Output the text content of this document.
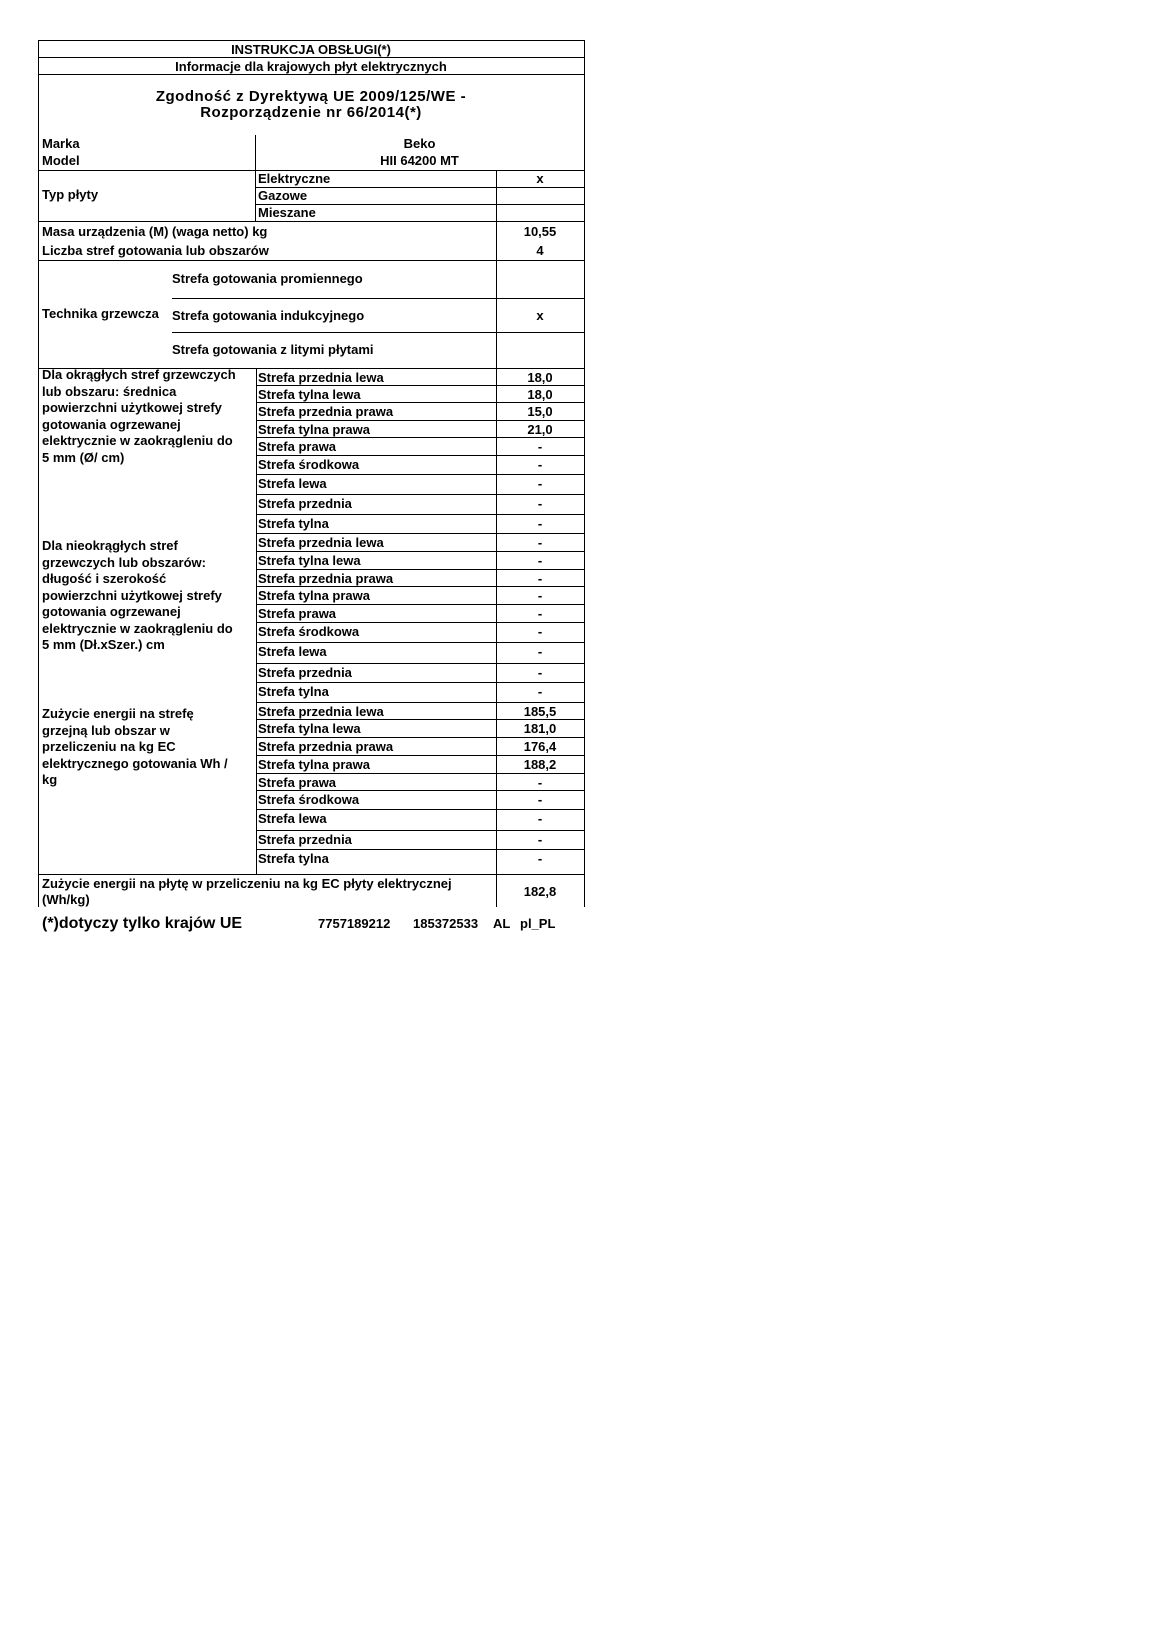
INSTRUKCJA OBSŁUGI(*)
Informacje dla krajowych płyt elektrycznych
Zgodność z Dyrektywą UE 2009/125/WE -
Rozporządzenie nr 66/2014(*)
Marka	Beko
Model	HII 64200 MT
Typ płyty
Elektryczne	x
Gazowe
Mieszane
Masa urządzenia (M) (waga netto) kg	10,55
Liczba stref gotowania lub obszarów	4
Technika grzewcza
Strefa gotowania promiennego
Strefa gotowania indukcyjnego	x
Strefa gotowania z litymi płytami
Dla okrągłych stref grzewczych
lub obszaru: średnica
powierzchni użytkowej strefy
gotowania ogrzewanej
elektrycznie w zaokrągleniu do
5 mm (Ø/ cm)
Strefa przednia lewa	18,0
Strefa tylna lewa	18,0
Strefa przednia prawa	15,0
Strefa tylna prawa	21,0
Strefa prawa	-
Strefa środkowa	-
Strefa lewa	-
Strefa przednia	-
Strefa tylna	-
Dla nieokrągłych stref
grzewczych lub obszarów:
długość i szerokość
powierzchni użytkowej strefy
gotowania ogrzewanej
elektrycznie w zaokrągleniu do
5 mm (Dł.xSzer.) cm
Strefa przednia lewa	-
Strefa tylna lewa	-
Strefa przednia prawa	-
Strefa tylna prawa	-
Strefa prawa	-
Strefa środkowa	-
Strefa lewa	-
Strefa przednia	-
Strefa tylna	-
Zużycie energii na strefę
grzejną lub obszar w
przeliczeniu na kg EC
elektrycznego gotowania Wh /
kg
Strefa przednia lewa	185,5
Strefa tylna lewa	181,0
Strefa przednia prawa	176,4
Strefa tylna prawa	188,2
Strefa prawa	-
Strefa środkowa	-
Strefa lewa	-
Strefa przednia	-
Strefa tylna	-
Zużycie energii na płytę w przeliczeniu na kg EC płyty elektrycznej
(Wh/kg)
182,8
(*)dotyczy tylko krajów UE	7757189212 185372533 AL pl_PL
